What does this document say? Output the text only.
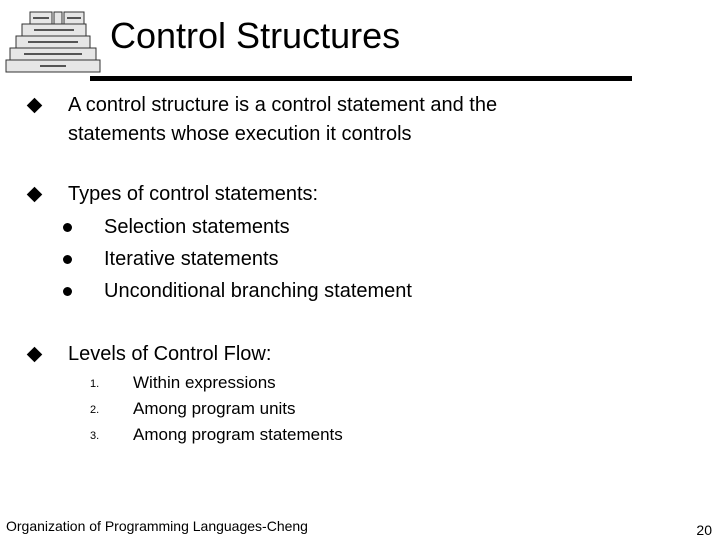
Control Structures
A control structure is a control statement and the
statements whose execution it controls
Types of control statements:
Selection statements
Iterative statements
Unconditional branching statement
Levels of Control Flow:
1.	Within expressions
2.	Among program units
3.	Among program statements
Organization of Programming Languages-Cheng	20
